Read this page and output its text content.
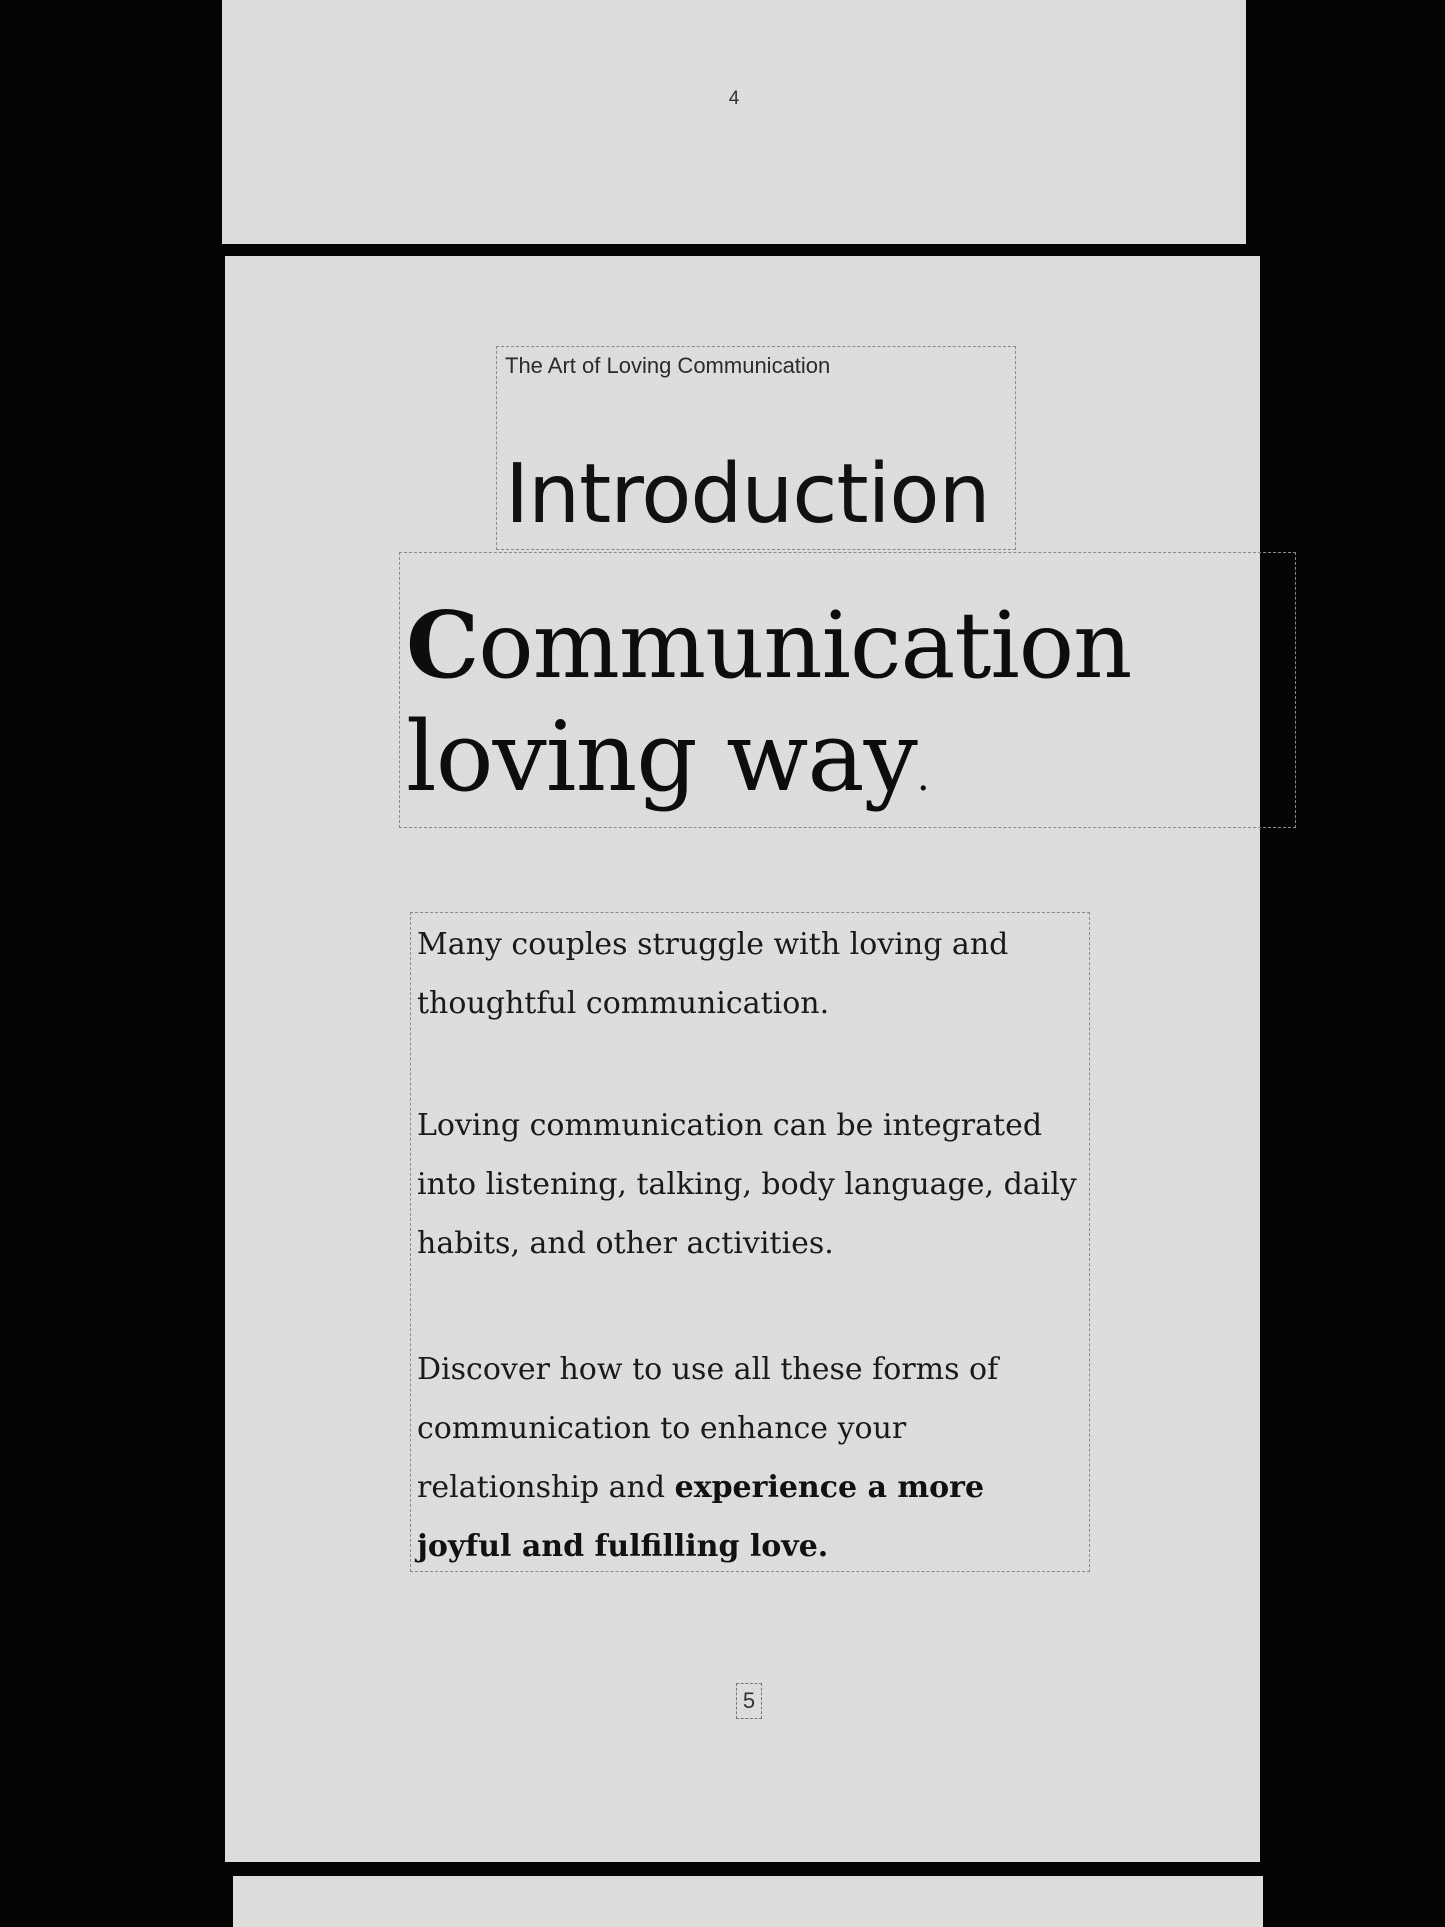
4
The Art of Loving Communication
Introduction
Communication
loving way.
Many couples struggle with loving and thoughtful communication.
Loving communication can be integrated into listening, talking, body language, daily habits, and other activities.
Discover how to use all these forms of communication to enhance your relationship and experience a more joyful and fulfilling love.
5
